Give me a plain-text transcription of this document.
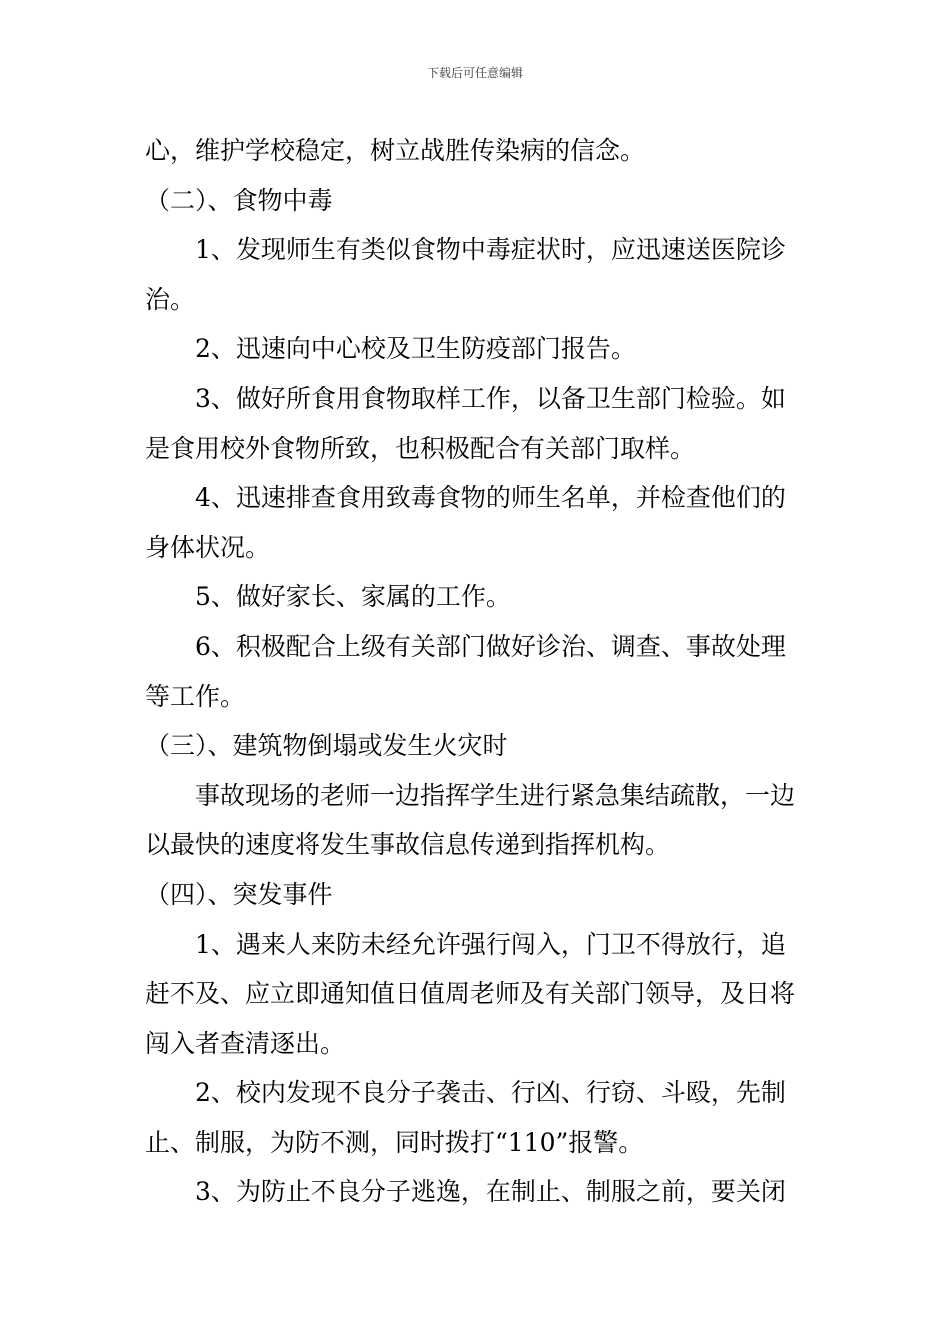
下载后可任意编辑

心，维护学校稳定，树立战胜传染病的信念。

（二）、食物中毒

1、发现师生有类似食物中毒症状时，应迅速送医院诊治。

2、迅速向中心校及卫生防疫部门报告。

3、做好所食用食物取样工作，以备卫生部门检验。如是食用校外食物所致，也积极配合有关部门取样。

4、迅速排查食用致毒食物的师生名单，并检查他们的身体状况。

5、做好家长、家属的工作。

6、积极配合上级有关部门做好诊治、调查、事故处理等工作。

（三）、建筑物倒塌或发生火灾时

事故现场的老师一边指挥学生进行紧急集结疏散，一边以最快的速度将发生事故信息传递到指挥机构。

（四）、突发事件

1、遇来人来防未经允许强行闯入，门卫不得放行，追赶不及、应立即通知值日值周老师及有关部门领导，及日将闯入者查清逐出。

2、校内发现不良分子袭击、行凶、行窃、斗殴，先制止、制服，为防不测，同时拨打“110”报警。

3、为防止不良分子逃逸，在制止、制服之前，要关闭
